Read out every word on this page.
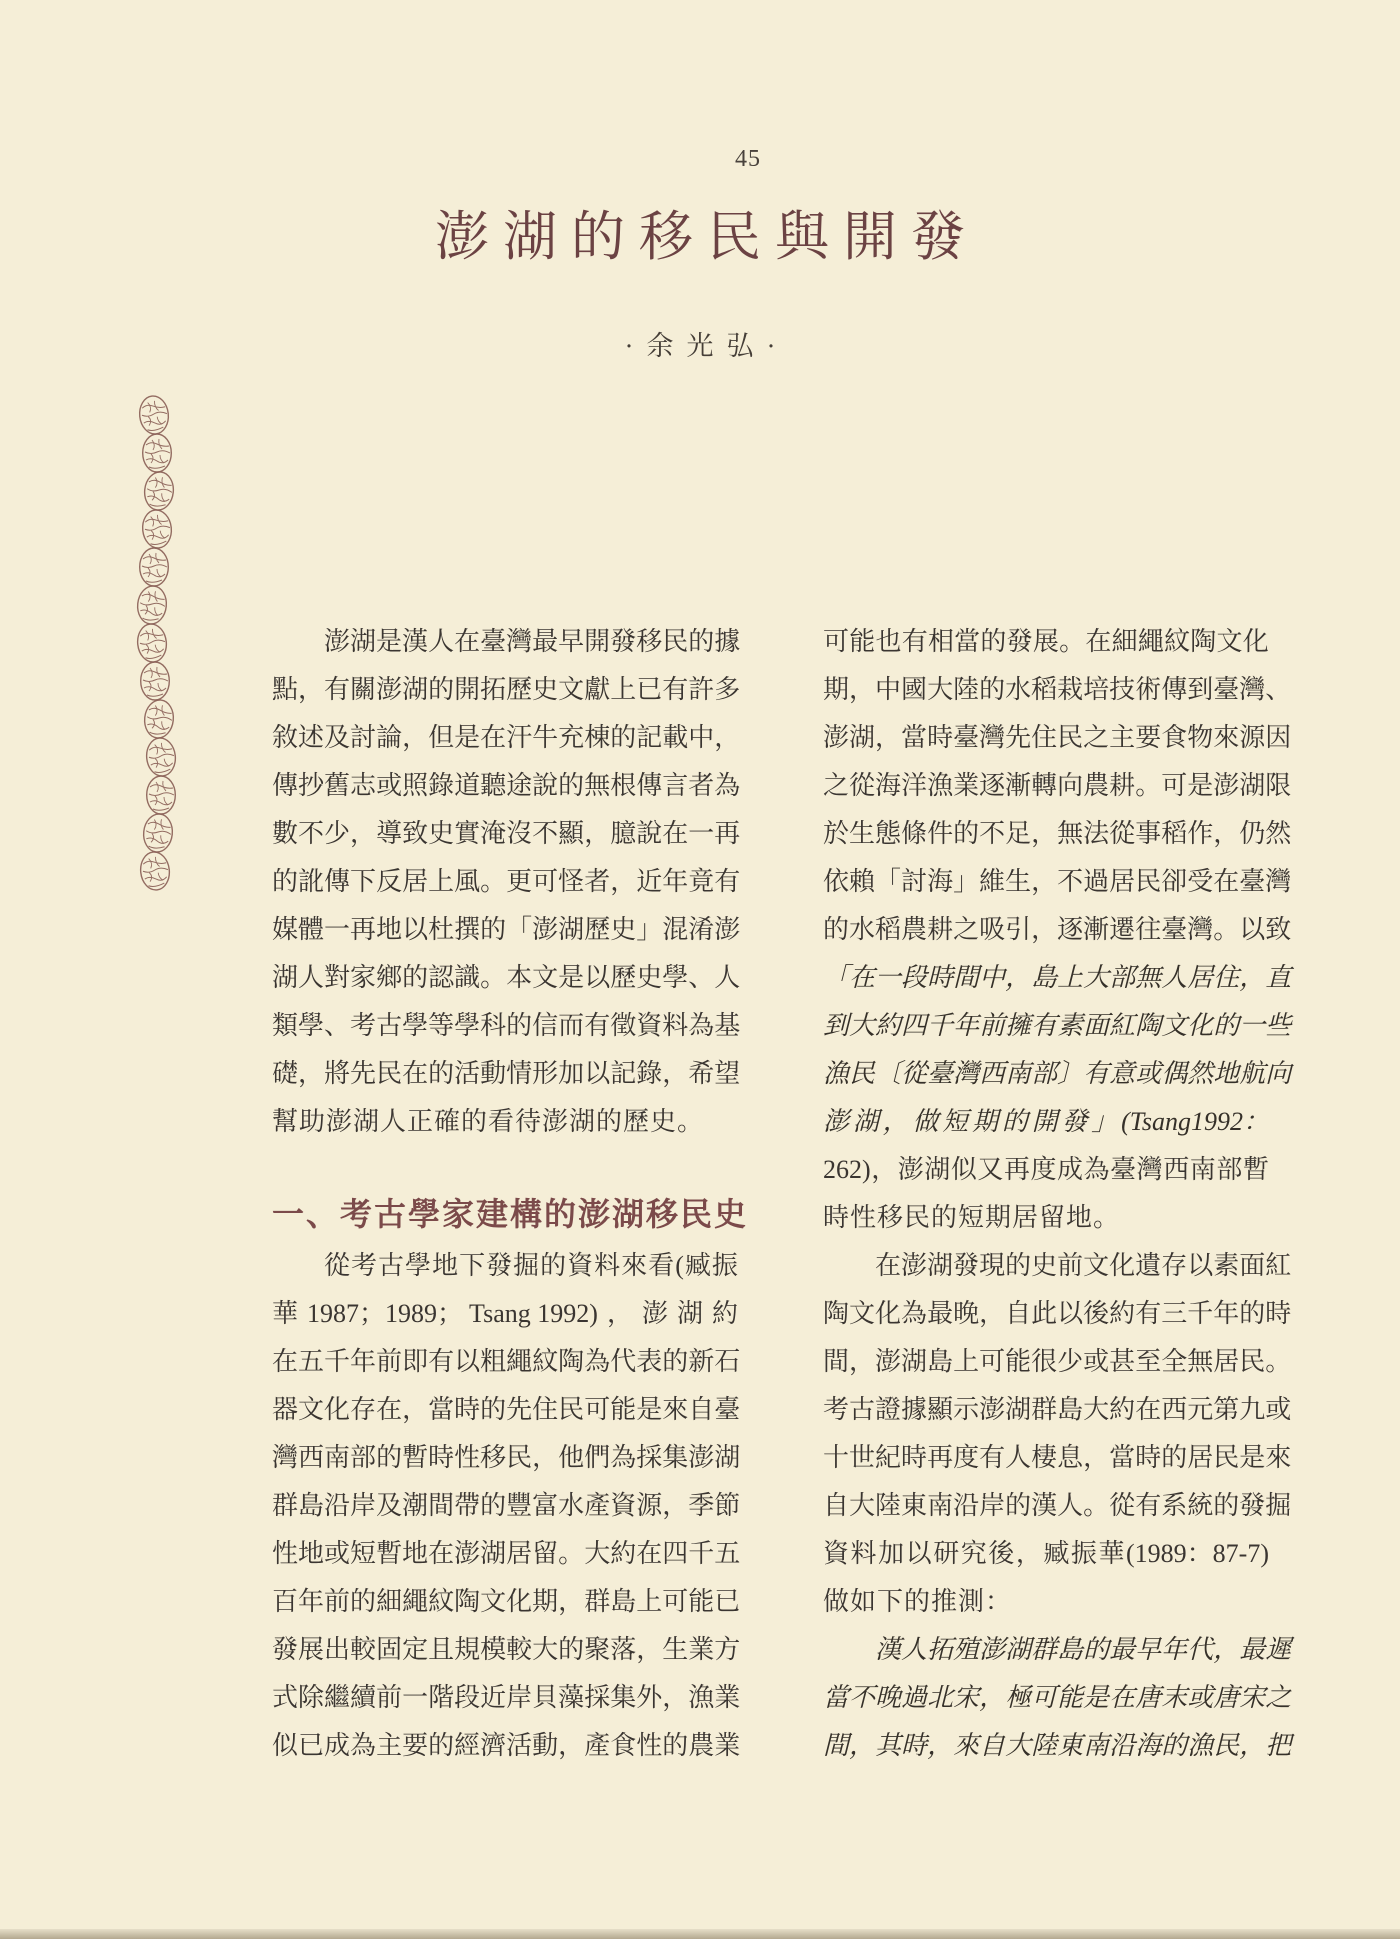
45
澎湖的移民與開發
·余光弘·
澎 湖 是 漢 人 在 臺 灣 最 早 開 發 移 民 的 據
點 ， 有 關 澎 湖 的 開 拓 歷 史 文 獻 上 已 有 許 多
敘 述 及 討 論 ， 但 是 在 汗 牛 充 棟 的 記 載 中 ，
傳 抄 舊 志 或 照 錄 道 聽 途 說 的 無 根 傳 言 者 為
數 不 少 ， 導 致 史 實 淹 沒 不 顯 ， 臆 說 在 一 再
的 訛 傳 下 反 居 上 風 。 更 可 怪 者 ， 近 年 竟 有
媒 體 一 再 地 以 杜 撰 的 「 澎 湖 歷 史 」 混 淆 澎
湖 人 對 家 鄉 的 認 識 。 本 文 是 以 歷 史 學 、 人
類 學 、 考 古 學 等 學 科 的 信 而 有 徵 資 料 為 基
礎 ， 將 先 民 在 的 活 動 情 形 加 以 記 錄 ， 希 望
幫助澎湖人正確的看待澎湖的歷史。
一、考古學家建構的澎湖移民史
從 考 古 學 地 下 發 掘 的 資 料 來 看 ( 臧 振
華 1987；1989； Tsang 1992) ， 澎 湖 約
在 五 千 年 前 即 有 以 粗 繩 紋 陶 為 代 表 的 新 石
器 文 化 存 在 ， 當 時 的 先 住 民 可 能 是 來 自 臺
灣 西 南 部 的 暫 時 性 移 民 ， 他 們 為 採 集 澎 湖
群 島 沿 岸 及 潮 間 帶 的 豐 富 水 產 資 源 ， 季 節
性 地 或 短 暫 地 在 澎 湖 居 留 。 大 約 在 四 千 五
百 年 前 的 細 繩 紋 陶 文 化 期 ， 群 島 上 可 能 已
發 展 出 較 固 定 且 規 模 較 大 的 聚 落 ， 生 業 方
式 除 繼 續 前 一 階 段 近 岸 貝 藻 採 集 外 ， 漁 業
似 已 成 為 主 要 的 經 濟 活 動 ， 產 食 性 的 農 業
可 能 也 有 相 當 的 發 展 。 在 細 繩 紋 陶 文 化
期 ， 中 國 大 陸 的 水 稻 栽 培 技 術 傳 到 臺 灣 、
澎 湖 ， 當 時 臺 灣 先 住 民 之 主 要 食 物 來 源 因
之 從 海 洋 漁 業 逐 漸 轉 向 農 耕 。 可 是 澎 湖 限
於 生 態 條 件 的 不 足 ， 無 法 從 事 稻 作 ， 仍 然
依 賴 「 討 海 」 維 生 ， 不 過 居 民 卻 受 在 臺 灣
的 水 稻 農 耕 之 吸 引 ， 逐 漸 遷 往 臺 灣 。 以 致
「 在 一 段 時 間 中 ， 島 上 大 部 無 人 居 住 ， 直
到 大 約 四 千 年 前 擁 有 素 面 紅 陶 文 化 的 一 些
漁 民 〔 從 臺 灣 西 南 部 〕 有 意 或 偶 然 地 航 向
澎 湖 ， 做 短 期 的 開 發 」 (Tsang1992：
262) ， 澎 湖 似 又 再 度 成 為 臺 灣 西 南 部 暫
時性移民的短期居留地。
在 澎 湖 發 現 的 史 前 文 化 遺 存 以 素 面 紅
陶 文 化 為 最 晚 ， 自 此 以 後 約 有 三 千 年 的 時
間 ， 澎 湖 島 上 可 能 很 少 或 甚 至 全 無 居 民 。
考 古 證 據 顯 示 澎 湖 群 島 大 約 在 西 元 第 九 或
十 世 紀 時 再 度 有 人 棲 息 ， 當 時 的 居 民 是 來
自 大 陸 東 南 沿 岸 的 漢 人 。 從 有 系 統 的 發 掘
資 料 加 以 研 究 後 ， 臧 振 華 (1989：87-7)
做如下的推測：
漢 人 拓 殖 澎 湖 群 島 的 最 早 年 代 ， 最 遲
當 不 晚 過 北 宋 ， 極 可 能 是 在 唐 末 或 唐 宋 之
間 ， 其 時 ， 來 自 大 陸 東 南 沿 海 的 漁 民 ， 把
